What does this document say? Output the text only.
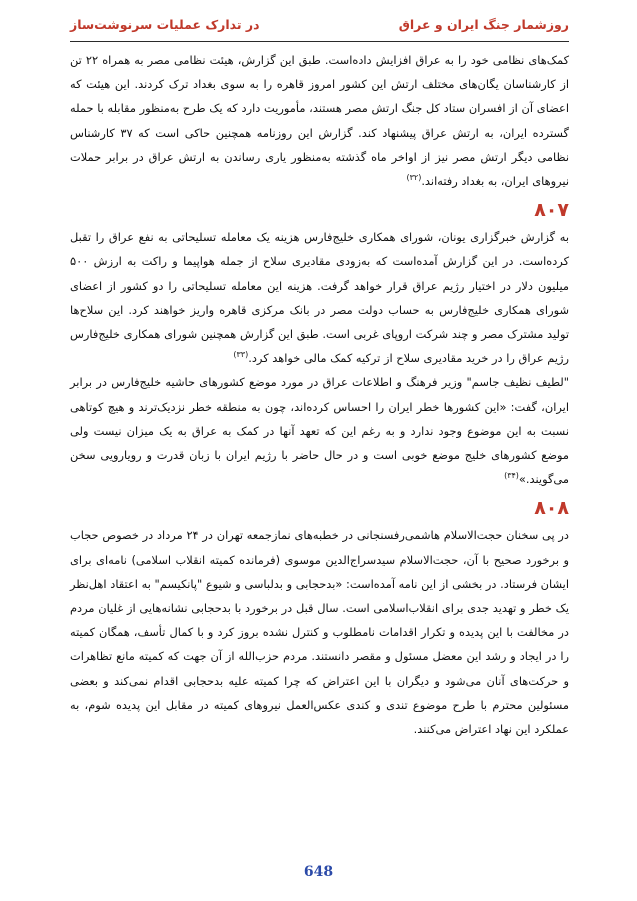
روزشمار جنگ ایران و عراق
در تدارک عملیات سرنوشت‌ساز

کمک‌های نظامی خود را به عراق افزایش داده‌است. طبق این گزارش، هیئت نظامی مصر به همراه ۲۲ تن از کارشناسان یگان‌های مختلف ارتش این کشور امروز قاهره را به سوی بغداد ترک کردند. این هیئت که اعضای آن از افسران ستاد کل جنگ ارتش مصر هستند، مأموریت دارد که یک طرح به‌منظور مقابله با حمله گسترده ایران، به ارتش عراق پیشنهاد کند. گزارش این روزنامه همچنین حاکی است که ۳۷ کارشناس نظامی دیگر ارتش مصر نیز از اواخر ماه گذشته به‌منظور یاری رساندن به ارتش عراق در برابر حملات نیروهای ایران، به بغداد رفته‌اند.$^{(۳۲)}$

۸۰۷

به گزارش خبرگزاری یونان، شورای همکاری خلیج‌فارس هزینه یک معامله تسلیحاتی به نفع عراق را تقبل کرده‌است. در این گزارش آمده‌است که به‌زودی مقادیری سلاح از جمله هواپیما و راکت به ارزش ۵۰۰ میلیون دلار در اختیار رژیم عراق قرار خواهد گرفت. هزینه این معامله تسلیحاتی را دو کشور از اعضای شورای همکاری خلیج‌فارس به حساب دولت مصر در بانک مرکزی قاهره واریز خواهند کرد. این سلاح‌ها تولید مشترک مصر و چند شرکت اروپای غربی است. طبق این گزارش همچنین شورای همکاری خلیج‌فارس رژیم عراق را در خرید مقادیری سلاح از ترکیه کمک مالی خواهد کرد.$^{(۳۳)}$

"لطیف نظیف جاسم" وزیر فرهنگ و اطلاعات عراق در مورد موضع کشورهای حاشیه خلیج‌فارس در برابر ایران، گفت: «این کشورها خطر ایران را احساس کرده‌اند، چون به منطقه خطر نزدیک‌ترند و هیچ کوتاهی نسبت به این موضوع وجود ندارد و به رغم این که تعهد آنها در کمک به عراق به یک میزان نیست ولی موضع کشورهای خلیج موضع خوبی است و در حال حاضر با رژیم ایران با زبان قدرت و رویارویی سخن می‌گویند.»$^{(۳۴)}$

۸۰۸

در پی سخنان حجت‌الاسلام هاشمی‌رفسنجانی در خطبه‌های نمازجمعه تهران در ۲۴ مرداد در خصوص حجاب و برخورد صحیح با آن، حجت‌الاسلام سیدسراج‌الدین موسوی (فرمانده کمیته انقلاب اسلامی) نامه‌ای برای ایشان فرستاد. در بخشی از این نامه آمده‌است: «بدحجابی و بدلباسی و شیوع "پانکیسم" به اعتقاد اهل‌نظر یک خطر و تهدید جدی برای انقلاب‌اسلامی است. سال قبل در برخورد با بدحجابی نشانه‌هایی از غلیان مردم در مخالفت با این پدیده و تکرار اقدامات نامطلوب و کنترل نشده بروز کرد و با کمال تأسف، همگان کمیته را در ایجاد و رشد این معضل مسئول و مقصر دانستند. مردم حزب‌الله از آن جهت که کمیته مانع تظاهرات و حرکت‌های آنان می‌شود و دیگران با این اعتراض که چرا کمیته علیه بدحجابی اقدام نمی‌کند و بعضی مسئولین محترم با طرح موضوع تندی و کندی عکس‌العمل نیروهای کمیته در مقابل این پدیده شوم، به عملکرد این نهاد اعتراض می‌کنند.

648
